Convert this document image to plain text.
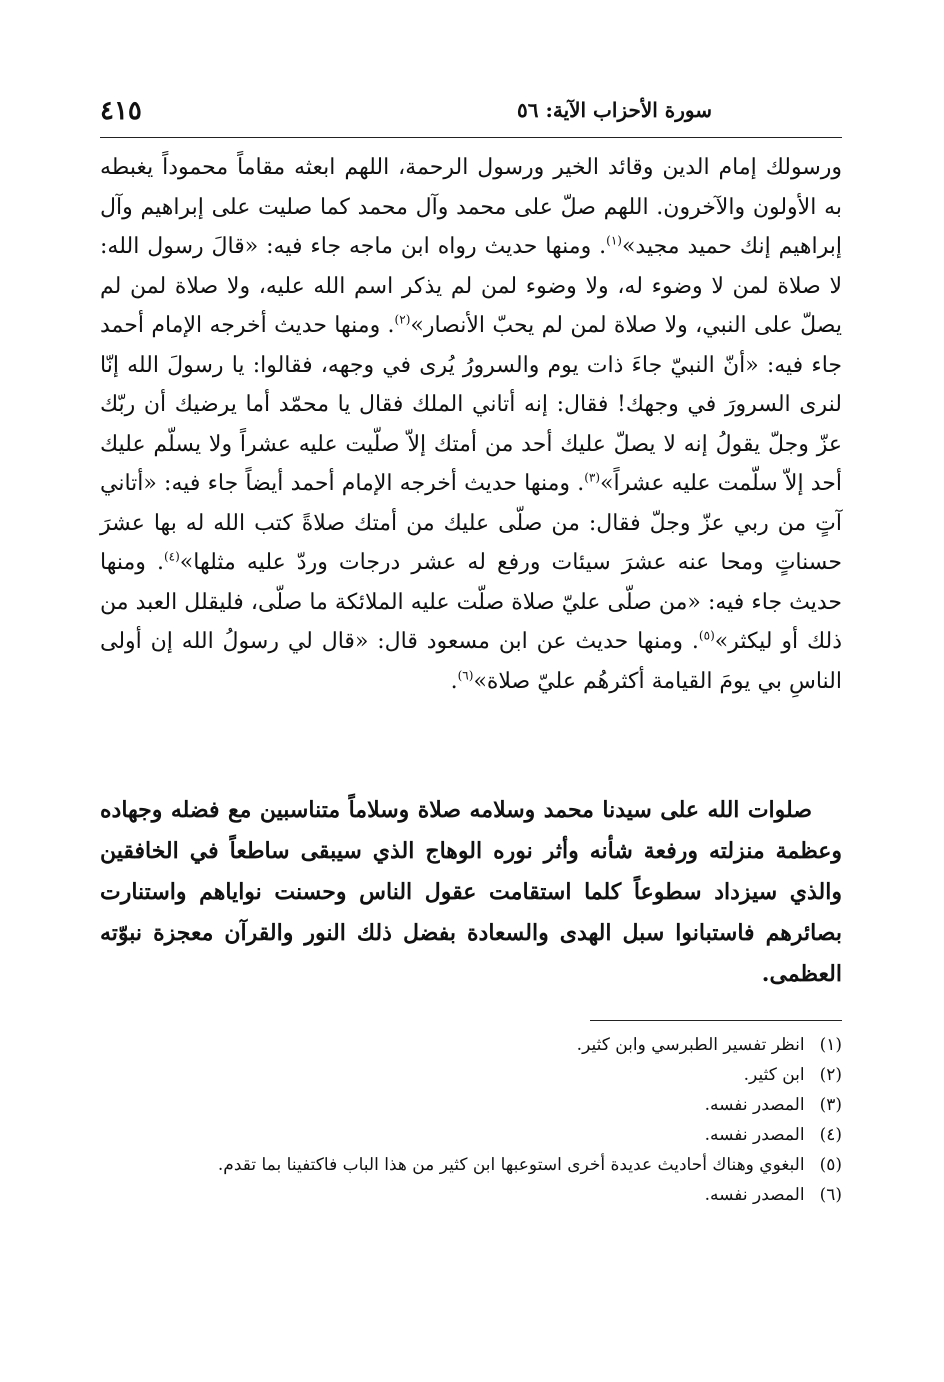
سورة الأحزاب الآية: ٥٦
٤١٥

ورسولك إمام الدين وقائد الخير ورسول الرحمة، اللهم ابعثه مقاماً محموداً يغبطه به الأولون والآخرون. اللهم صلّ على محمد وآل محمد كما صليت على إبراهيم وآل إبراهيم إنك حميد مجيد»$^{(١)}$. ومنها حديث رواه ابن ماجه جاء فيه: «قالَ رسول الله: لا صلاة لمن لا وضوء له، ولا وضوء لمن لم يذكر اسم الله عليه، ولا صلاة لمن لم يصلّ على النبي، ولا صلاة لمن لم يحبّ الأنصار»$^{(٢)}$. ومنها حديث أخرجه الإمام أحمد جاء فيه: «أنّ النبيّ جاءَ ذات يوم والسرورُ يُرى في وجهه، فقالوا: يا رسولَ الله إنّا لنرى السرورَ في وجهك! فقال: إنه أتاني الملك فقال يا محمّد أما يرضيك أن ربّك عزّ وجلّ يقولُ إنه لا يصلّ عليك أحد من أمتك إلاّ صلّيت عليه عشراً ولا يسلّم عليك أحد إلاّ سلّمت عليه عشراً»$^{(٣)}$. ومنها حديث أخرجه الإمام أحمد أيضاً جاء فيه: «أتاني آتٍ من ربي عزّ وجلّ فقال: من صلّى عليك من أمتك صلاةً كتب الله له بها عشرَ حسناتٍ ومحا عنه عشرَ سيئات ورفع له عشر درجات وردّ عليه مثلها»$^{(٤)}$. ومنها حديث جاء فيه: «من صلّى عليّ صلاة صلّت عليه الملائكة ما صلّى، فليقلل العبد من ذلك أو ليكثر»$^{(٥)}$. ومنها حديث عن ابن مسعود قال: «قال لي رسولُ الله إن أولى الناسِ بي يومَ القيامة أكثرهُم عليّ صلاة»$^{(٦)}$.

صلوات الله على سيدنا محمد وسلامه صلاة وسلاماً متناسبين مع فضله وجهاده وعظمة منزلته ورفعة شأنه وأثر نوره الوهاج الذي سيبقى ساطعاً في الخافقين والذي سيزداد سطوعاً كلما استقامت عقول الناس وحسنت نواياهم واستنارت بصائرهم فاستبانوا سبل الهدى والسعادة بفضل ذلك النور والقرآن معجزة نبوّته العظمى.

(١) انظر تفسير الطبرسي وابن كثير.
(٢) ابن كثير.
(٣) المصدر نفسه.
(٤) المصدر نفسه.
(٥) البغوي وهناك أحاديث عديدة أخرى استوعبها ابن كثير من هذا الباب فاكتفينا بما تقدم.
(٦) المصدر نفسه.
